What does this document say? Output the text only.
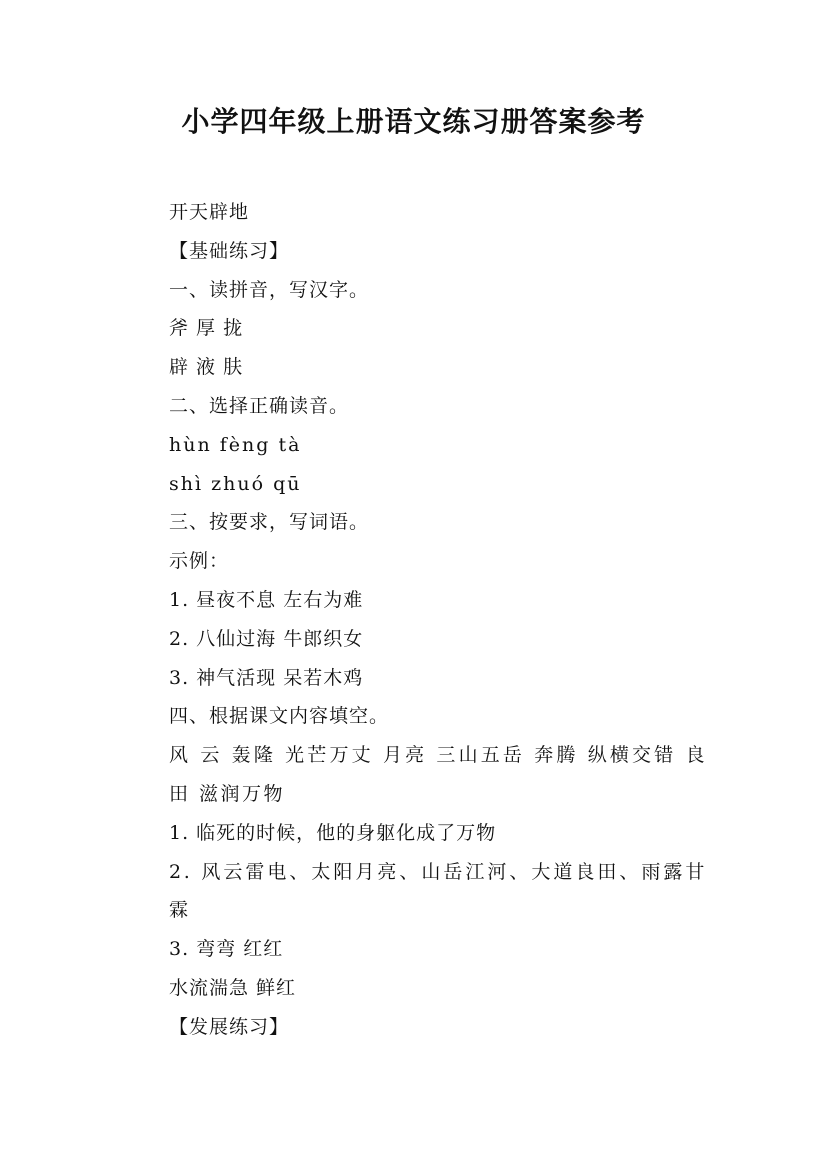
小学四年级上册语文练习册答案参考
开天辟地
【基础练习】
一、读拼音，写汉字。
斧 厚 拢
辟 液 肤
二、选择正确读音。
hùn fèng tà
shì zhuó qū
三、按要求，写词语。
示例：
1. 昼夜不息 左右为难
2. 八仙过海 牛郎织女
3. 神气活现 呆若木鸡
四、根据课文内容填空。
风 云 轰隆 光芒万丈 月亮 三山五岳 奔腾 纵横交错 良田 滋润万物
1. 临死的时候，他的身躯化成了万物
2. 风云雷电、太阳月亮、山岳江河、大道良田、雨露甘霖
3. 弯弯 红红
水流湍急 鲜红
【发展练习】
